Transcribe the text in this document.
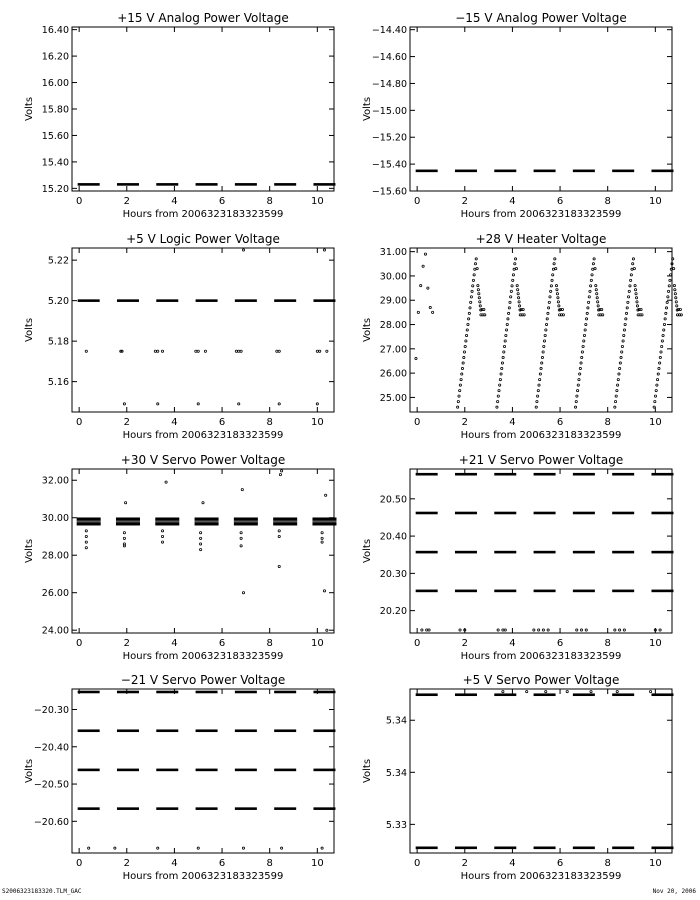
+15 V Analog Power Voltage
Hours from 2006323183323599
Volts
0	2	4	6	8	10
15.20
15.40
15.60
15.80
16.00
16.20
16.40
−15 V Analog Power Voltage
Hours from 2006323183323599
Volts
0	2	4	6	8	10
−14.40
−14.60
−14.80
−15.00
−15.20
−15.40
−15.60
+5 V Logic Power Voltage
Hours from 2006323183323599
Volts
0	2	4	6	8	10
5.16
5.18
5.20
5.22
+28 V Heater Voltage
Hours from 2006323183323599
Volts
0	2	4	6	8	10
25.00
26.00
27.00
28.00
29.00
30.00
31.00
+30 V Servo Power Voltage
Hours from 2006323183323599
Volts
0	2	4	6	8	10
24.00
26.00
28.00
30.00
32.00
+21 V Servo Power Voltage
Hours from 2006323183323599
Volts
0	2	4	6	8	10
20.20
20.30
20.40
20.50
−21 V Servo Power Voltage
Hours from 2006323183323599
Volts
0	2	4	6	8	10
−20.30
−20.40
−20.50
−20.60
+5 V Servo Power Voltage
Hours from 2006323183323599
Volts
0	2	4	6	8	10
5.33
5.34
5.34
S2006323183320.TLM_GAC	Nov 20, 2006
